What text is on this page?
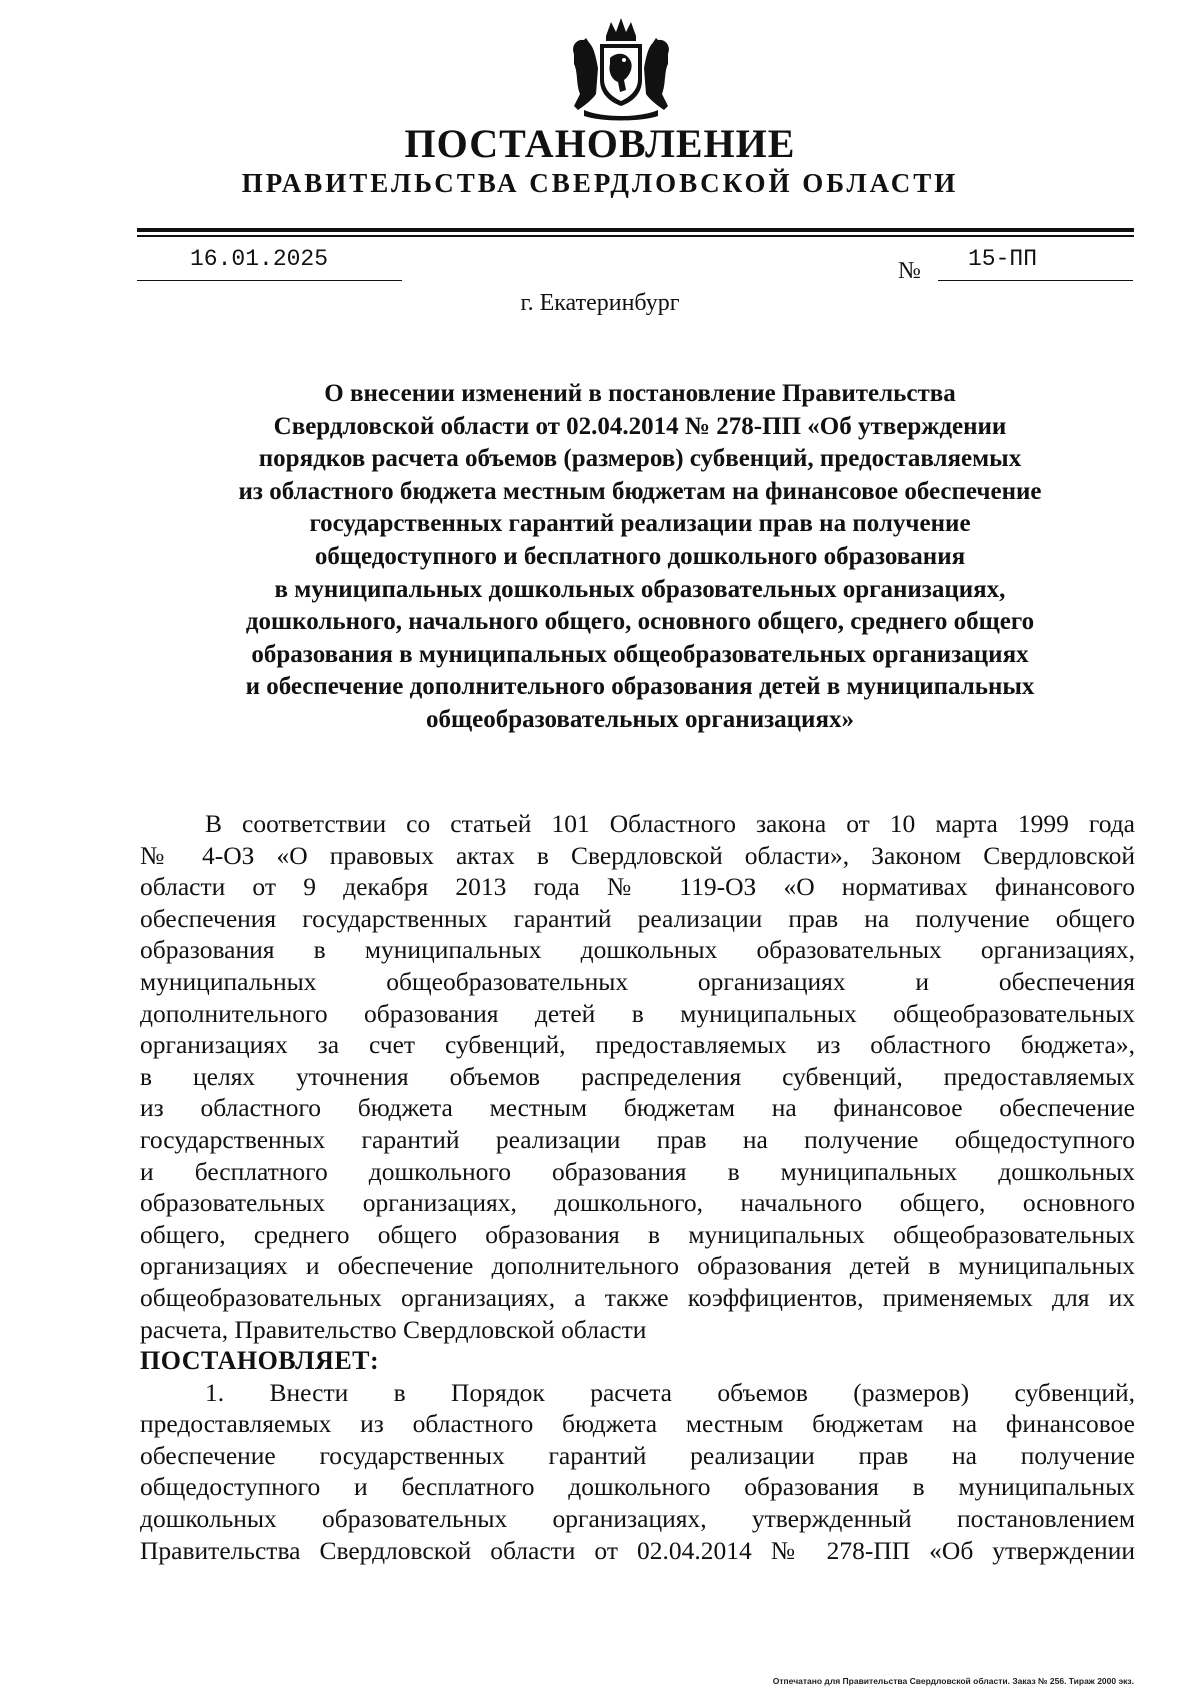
ПОСТАНОВЛЕНИЕ
ПРАВИТЕЛЬСТВА СВЕРДЛОВСКОЙ ОБЛАСТИ
16.01.2025	№ 15-ПП
г. Екатеринбург
О внесении изменений в постановление Правительства
Свердловской области от 02.04.2014 № 278-ПП «Об утверждении
порядков расчета объемов (размеров) субвенций, предоставляемых
из областного бюджета местным бюджетам на финансовое обеспечение
государственных гарантий реализации прав на получение
общедоступного и бесплатного дошкольного образования
в муниципальных дошкольных образовательных организациях,
дошкольного, начального общего, основного общего, среднего общего
образования в муниципальных общеобразовательных организациях
и обеспечение дополнительного образования детей в муниципальных
общеобразовательных организациях»
В соответствии со статьей 101 Областного закона от 10 марта 1999 года
№ 4-ОЗ «О правовых актах в Свердловской области», Законом Свердловской
области от 9 декабря 2013 года № 119-ОЗ «О нормативах финансового
обеспечения государственных гарантий реализации прав на получение общего
образования в муниципальных дошкольных образовательных организациях,
муниципальных общеобразовательных организациях и обеспечения
дополнительного образования детей в муниципальных общеобразовательных
организациях за счет субвенций, предоставляемых из областного бюджета»,
в целях уточнения объемов распределения субвенций, предоставляемых
из областного бюджета местным бюджетам на финансовое обеспечение
государственных гарантий реализации прав на получение общедоступного
и бесплатного дошкольного образования в муниципальных дошкольных
образовательных организациях, дошкольного, начального общего, основного
общего, среднего общего образования в муниципальных общеобразовательных
организациях и обеспечение дополнительного образования детей в муниципальных
общеобразовательных организациях, а также коэффициентов, применяемых для их
расчета, Правительство Свердловской области
ПОСТАНОВЛЯЕТ:
1. Внести в Порядок расчета объемов (размеров) субвенций,
предоставляемых из областного бюджета местным бюджетам на финансовое
обеспечение государственных гарантий реализации прав на получение
общедоступного и бесплатного дошкольного образования в муниципальных
дошкольных образовательных организациях, утвержденный постановлением
Правительства Свердловской области от 02.04.2014 № 278-ПП «Об утверждении
Отпечатано для Правительства Свердловской области. Заказ № 256. Тираж 2000 экз.
